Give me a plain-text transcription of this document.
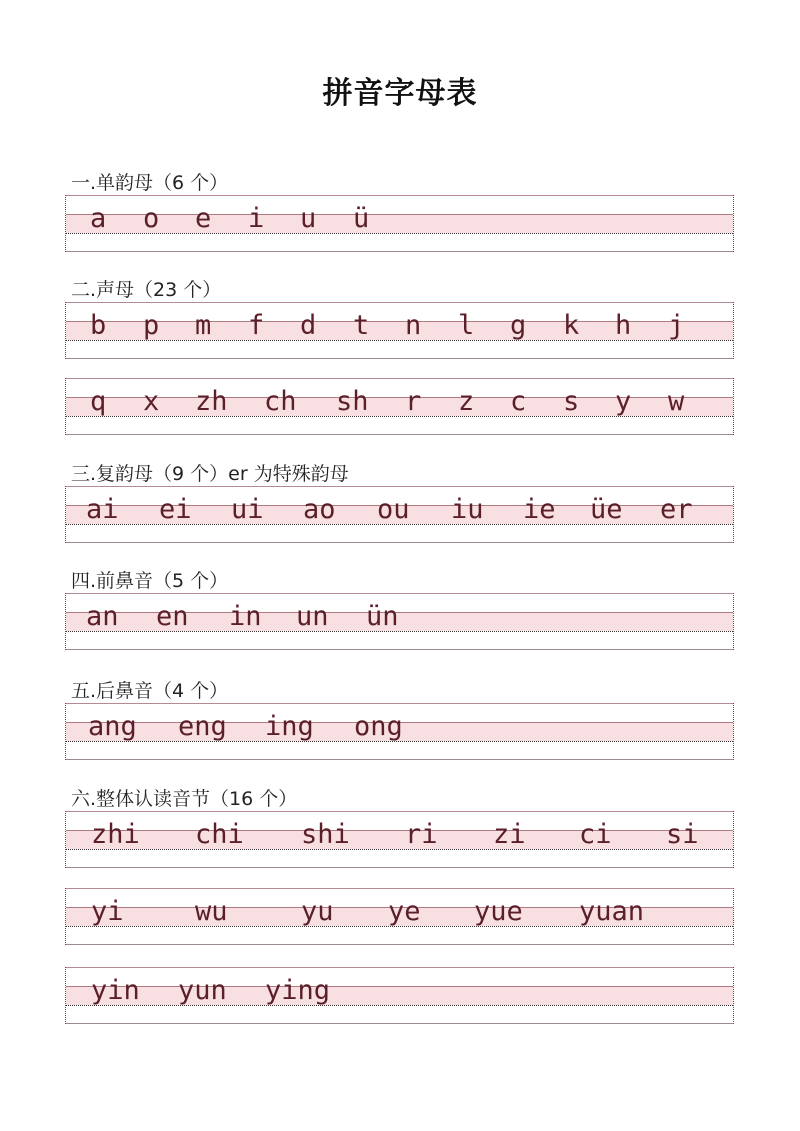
拼音字母表
一.单韵母（6 个）
a o e i u ü
二.声母（23 个）
b p m f d t n l g k h j
q x zh ch sh r z c s y w
三.复韵母（9 个）er 为特殊韵母
ai ei ui ao ou iu ie üe er
四.前鼻音（5 个）
an en in un ün
五.后鼻音（4 个）
ang eng ing ong
六.整体认读音节（16 个）
zhi chi shi ri zi ci si
yi	wu	yu ye yue yuan
yin yun ying
